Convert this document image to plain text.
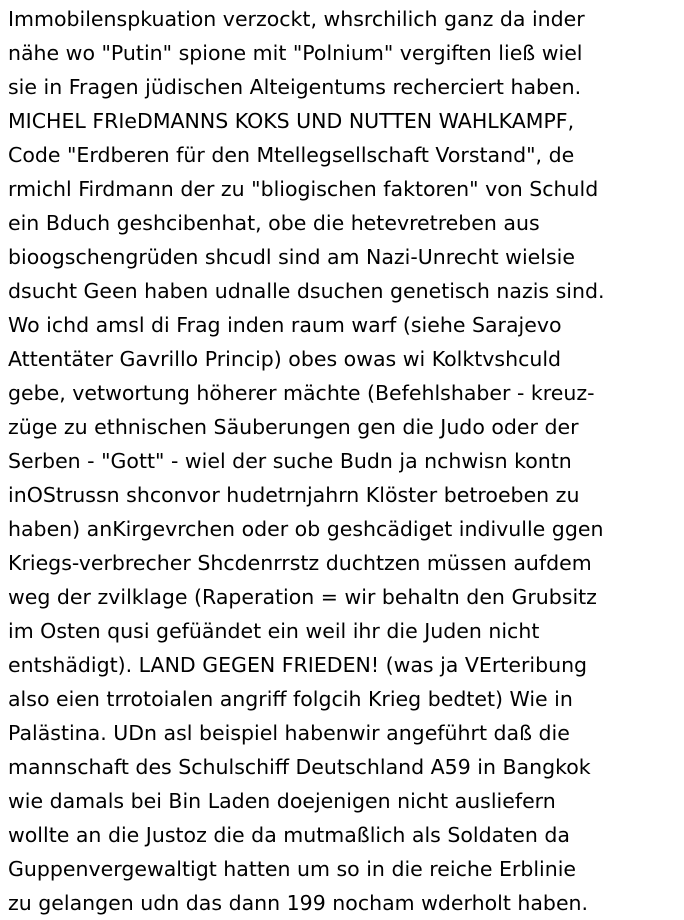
Immobilenspkuation verzockt, whsrchilich ganz da inder
nähe wo "Putin" spione mit "Polnium" vergiften ließ wiel
sie in Fragen jüdischen Alteigentums recherciert haben.
MICHEL FRIeDMANNS KOKS UND NUTTEN WAHLKAMPF,
Code "Erdberen für den Mtellegsellschaft Vorstand", de
rmichl Firdmann der zu "bliogischen faktoren" von Schuld
ein Bduch geshcibenhat, obe die hetevretreben aus
bioogschengrüden shcudl sind am Nazi-Unrecht wielsie
dsucht Geen haben udnalle dsuchen genetisch nazis sind.
Wo ichd amsl di Frag inden raum warf (siehe Sarajevo
Attentäter Gavrillo Princip) obes owas wi Kolktvshculd
gebe, vetwortung höherer mächte (Befehlshaber - kreuz-
züge zu ethnischen Säuberungen gen die Judo oder der
Serben - "Gott" - wiel der suche Budn ja nchwisn kontn
inOStrussn shconvor hudetrnjahrn Klöster betroeben zu
haben) anKirgevrchen oder ob geshcädiget indivulle ggen
Kriegs-verbrecher Shcdenrrstz duchtzen müssen aufdem
weg der zvilklage (Raperation = wir behaltn den Grubsitz
im Osten qusi gefüändet ein weil ihr die Juden nicht
entshädigt). LAND GEGEN FRIEDEN! (was ja VErteribung
also eien trrotoialen angriff folgcih Krieg bedtet) Wie in
Palästina. UDn asl beispiel habenwir angeführt daß die
mannschaft des Schulschiff Deutschland A59 in Bangkok
wie damals bei Bin Laden doejenigen nicht ausliefern
wollte an die Justoz die da mutmaßlich als Soldaten da
Guppenvergewaltigt hatten um so in die reiche Erblinie
zu gelangen udn das dann 199 nocham wderholt haben.
